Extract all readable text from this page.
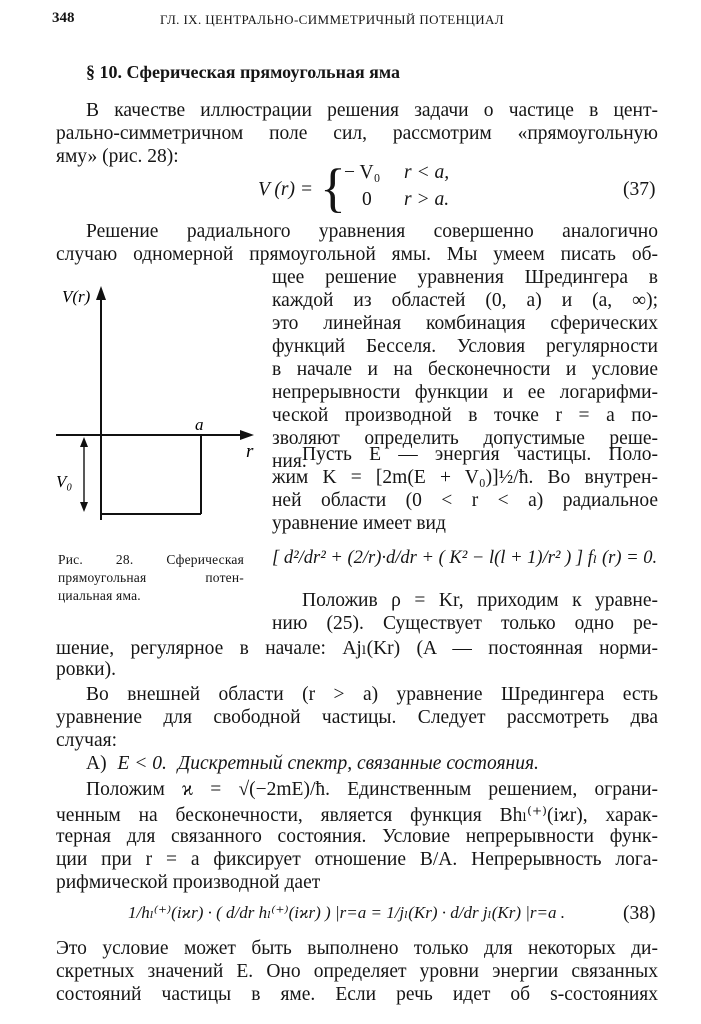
348	ГЛ. IX. ЦЕНТРАЛЬНО-СИММЕТРИЧНЫЙ ПОТЕНЦИАЛ
§ 10. Сферическая прямоугольная яма
В качестве иллюстрации решения задачи о частице в цент-
рально-симметричном поле сил, рассмотрим «прямоугольную
яму» (рис. 28):
V (r) = {
− V₀ r < a,
0 r > a.	(37)
Решение радиального уравнения совершенно аналогично
случаю одномерной прямоугольной ямы. Мы умеем писать об-
щее решение уравнения Шредингера в
каждой из областей (0, a) и (a, ∞);
это линейная комбинация сферических
функций Бесселя. Условия регулярности
в начале и на бесконечности и условие
непрерывности функции и ее логарифми-
ческой производной в точке r = a по-
зволяют определить допустимые реше-
ния.
Пусть E — энергия частицы. Поло-
жим K = [2m(E + V₀)]½/ħ. Во внутрен-
ней области (0 < r < a) радиальное
уравнение имеет вид
[ d²/dr² + (2/r)·d/dr + ( K² − l(l + 1)/r² ) ] fₗ (r) = 0.
V(r)
r
a
V₀
Рис. 28. Сферическая
прямоугольная потен-
циальная яма.	Положив ρ = Kr, приходим к уравне-
нию (25). Существует только одно ре-
шение, регулярное в начале: Ajₗ(Kr) (A — постоянная норми-
ровки).
Во внешней области (r > a) уравнение Шредингера есть
уравнение для свободной частицы. Следует рассмотреть два
случая:
А) E < 0. Дискретный спектр, связанные состояния.
Положим ϰ = √(−2mE)/ħ. Единственным решением, ограни-
ченным на бесконечности, является функция Bhₗ⁽⁺⁾(iϰr), харак-
терная для связанного состояния. Условие непрерывности функ-
ции при r = a фиксирует отношение B/A. Непрерывность лога-
рифмической производной дает
1/hₗ⁽⁺⁾(iϰr) · ( d/dr hₗ⁽⁺⁾(iϰr) ) |r=a = 1/jₗ(Kr) · d/dr jₗ(Kr) |r=a .	(38)
Это условие может быть выполнено только для некоторых ди-
скретных значений E. Оно определяет уровни энергии связанных
состояний частицы в яме. Если речь идет об s-состояниях
